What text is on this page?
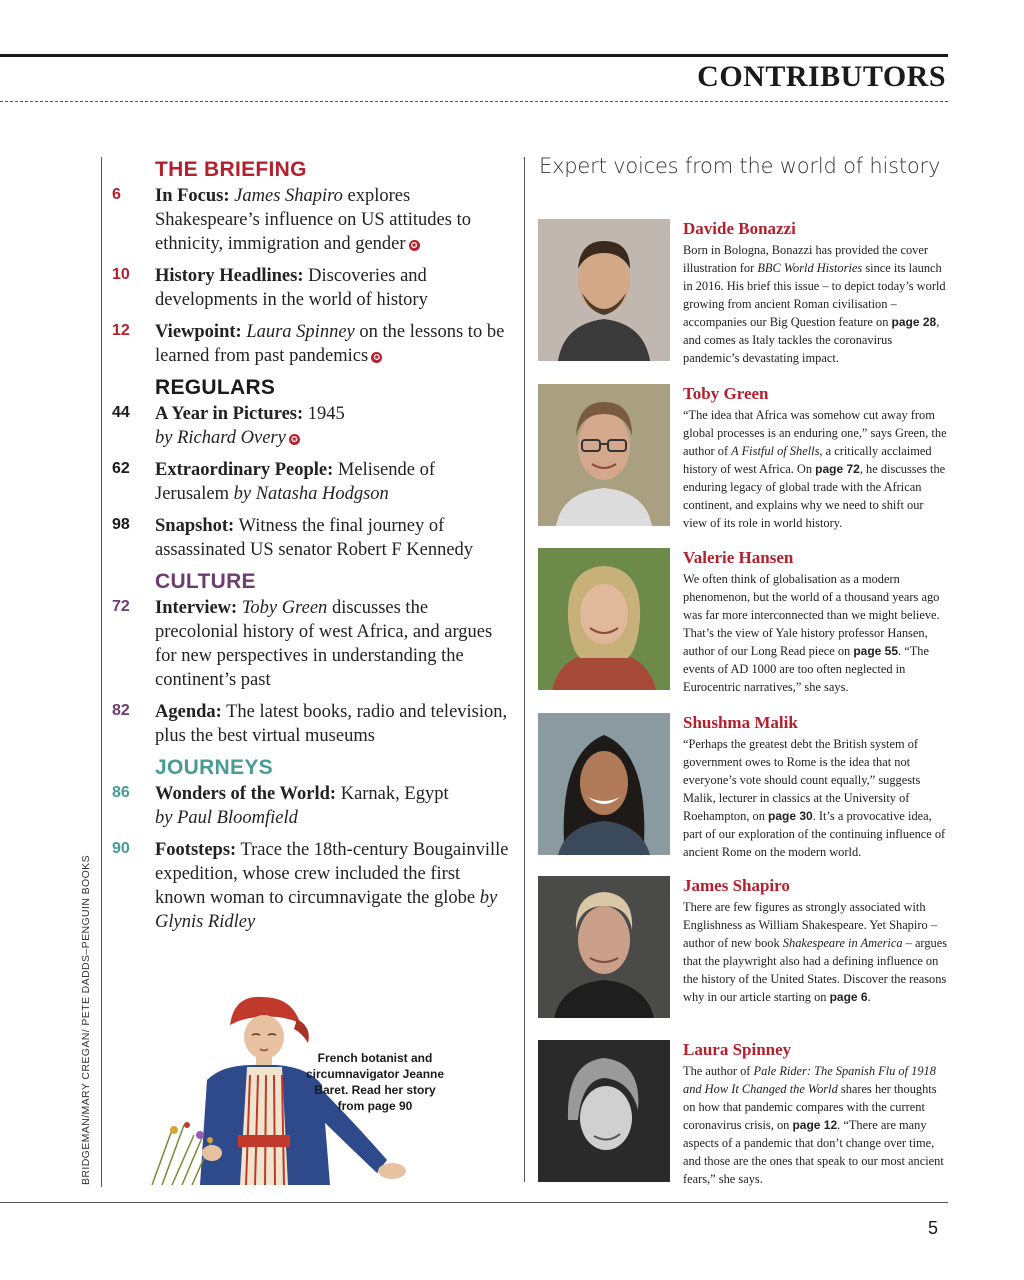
CONTRIBUTORS
BRIDGEMAN/MARY CREGAN/ PETE DADDS–PENGUIN BOOKS
5
THE BRIEFING
6	In Focus: James Shapiro explores Shakespeare’s influence on US attitudes to ethnicity, immigration and gender ✪
10	History Headlines: Discoveries and developments in the world of history
12	Viewpoint: Laura Spinney on the lessons to be learned from past pandemics ✪
REGULARS
44	A Year in Pictures: 1945
by Richard Overy ✪
62	Extraordinary People: Melisende of Jerusalem by Natasha Hodgson
98	Snapshot: Witness the final journey of assassinated US senator Robert F Kennedy
CULTURE
72	Interview: Toby Green discusses the precolonial history of west Africa, and argues for new perspectives in understanding the continent’s past
82	Agenda: The latest books, radio and television, plus the best virtual museums
JOURNEYS
86	Wonders of the World: Karnak, Egypt
by Paul Bloomfield
90	Footsteps: Trace the 18th-century Bougainville expedition, whose crew included the first known woman to circumnavigate the globe by Glynis Ridley
French botanist and circumnavigator Jeanne Baret. Read her story from page 90
Expert voices from the world of history
Davide Bonazzi
Born in Bologna, Bonazzi has provided the cover illustration for BBC World Histories since its launch in 2016. His brief this issue – to depict today’s world growing from ancient Roman civilisation – accompanies our Big Question feature on page 28, and comes as Italy tackles the coronavirus pandemic’s devastating impact.
Toby Green
“The idea that Africa was somehow cut away from global processes is an enduring one,” says Green, the author of A Fistful of Shells, a critically acclaimed history of west Africa. On page 72, he discusses the enduring legacy of global trade with the African continent, and explains why we need to shift our view of its role in world history.
Valerie Hansen
We often think of globalisation as a modern phenomenon, but the world of a thousand years ago was far more interconnected than we might believe. That’s the view of Yale history professor Hansen, author of our Long Read piece on page 55. “The events of AD 1000 are too often neglected in Eurocentric narratives,” she says.
Shushma Malik
“Perhaps the greatest debt the British system of government owes to Rome is the idea that not everyone’s vote should count equally,” suggests Malik, lecturer in classics at the University of Roehampton, on page 30. It’s a provocative idea, part of our exploration of the continuing influence of ancient Rome on the modern world.
James Shapiro
There are few figures as strongly associated with Englishness as William Shakespeare. Yet Shapiro – author of new book Shakespeare in America – argues that the playwright also had a defining influence on the history of the United States. Discover the reasons why in our article starting on page 6.
Laura Spinney
The author of Pale Rider: The Spanish Flu of 1918 and How It Changed the World shares her thoughts on how that pandemic compares with the current coronavirus crisis, on page 12. “There are many aspects of a pandemic that don’t change over time, and those are the ones that speak to our most ancient fears,” she says.
